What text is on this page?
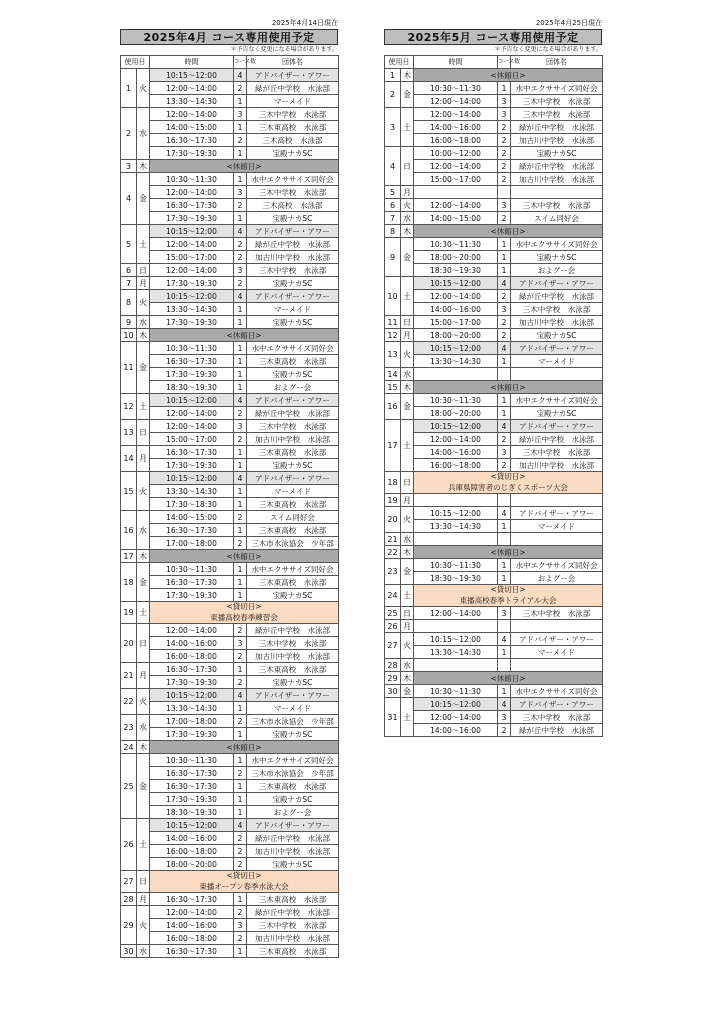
2025年4月14日現在
2025年4月 コース専用使用予定
＊予告なく変更になる場合があります。
使用日		時間	コース数	団体名
1	火	10:15～12:00	4	アドバイザー・アワー
		12:00～14:00	2	緑が丘中学校　水泳部
		13:30～14:30	1	マーメイド
2	水	12:00～14:00	3	三木中学校　水泳部
		14:00～15:00	1	三木東高校　水泳部
		16:30～17:30	2	三木高校　水泳部
		17:30～19:30	1	宝殿ナカSC
3	木	<休館日>		
4	金	10:30～11:30	1	水中エクササイズ同好会
		12:00～14:00	3	三木中学校　水泳部
		16:30～17:30	2	三木高校　水泳部
		17:30～19:30	1	宝殿ナカSC
5	土	10:15～12:00	4	アドバイザー・アワー
		12:00～14:00	2	緑が丘中学校　水泳部
		15:00～17:00	2	加古川中学校　水泳部
6	日	12:00～14:00	3	三木中学校　水泳部
7	月	17:30～19:30	2	宝殿ナカSC
8	火	10:15～12:00	4	アドバイザー・アワー
		13:30～14:30	1	マーメイド
9	水	17:30～19:30	1	宝殿ナカSC
10	木	<休館日>		
11	金	10:30～11:30	1	水中エクササイズ同好会
		16:30～17:30	1	三木東高校　水泳部
		17:30～19:30	1	宝殿ナカSC
		18:30～19:30	1	およグー会
12	土	10:15～12:00	4	アドバイザー・アワー
		12:00～14:00	2	緑が丘中学校　水泳部
13	日	12:00～14:00	3	三木中学校　水泳部
		15:00～17:00	2	加古川中学校　水泳部
14	月	16:30～17:30	1	三木東高校　水泳部
		17:30～19:30	1	宝殿ナカSC
15	火	10:15～12:00	4	アドバイザー・アワー
		13:30～14:30	1	マーメイド
		17:30～18:30	1	三木東高校　水泳部
16	水	14:00～15:00	2	スイム同好会
		16:30～17:30	1	三木東高校　水泳部
		17:00～18:00	2	三木市水泳協会　少年部
17	木	<休館日>		
18	金	10:30～11:30	1	水中エクササイズ同好会
		16:30～17:30	1	三木東高校　水泳部
		17:30～19:30	1	宝殿ナカSC
19	土	<貸切日>
東播高校春季練習会		

20	日	12:00～14:00	2	緑が丘中学校　水泳部
		14:00～16:00	3	三木中学校　水泳部
		16:00～18:00	2	加古川中学校　水泳部
21	月	16:30～17:30	1	三木東高校　水泳部
		17:30～19:30	2	宝殿ナカSC
22	火	10:15～12:00	4	アドバイザー・アワー
		13:30～14:30	1	マーメイド
23	水	17:00～18:00	2	三木市水泳協会　少年部
		17:30～19:30	1	宝殿ナカSC
24	木	<休館日>		
25	金	10:30～11:30	1	水中エクササイズ同好会
		16:30～17:30	2	三木市水泳協会　少年部
		16:30～17:30	1	三木東高校　水泳部
		17:30～19:30	1	宝殿ナカSC
		18:30～19:30	1	およグー会
26	土	10:15～12:00	4	アドバイザー・アワー
		14:00～16:00	2	緑が丘中学校　水泳部
		16:00～18:00	2	加古川中学校　水泳部
		18:00～20:00	2	宝殿ナカSC
27	日	<貸切日>
東播オープン春季水泳大会		

28	月	16:30～17:30	1	三木東高校　水泳部
29	火	12:00～14:00	2	緑が丘中学校　水泳部
		14:00～16:00	3	三木中学校　水泳部
		16:00～18:00	2	加古川中学校　水泳部
30	水	16:30～17:30	1	三木東高校　水泳部
2025年4月25日現在
2025年5月 コース専用使用予定
＊予告なく変更になる場合があります。
使用日		時間	コース数	団体名
1	木	<休館日>		
2	金	10:30～11:30	1	水中エクササイズ同好会
		12:00～14:00	3	三木中学校　水泳部
3	土	12:00～14:00	3	三木中学校　水泳部
		14:00～16:00	2	緑が丘中学校　水泳部
		16:00～18:00	2	加古川中学校　水泳部
4	日	10:00～12:00	2	宝殿ナカSC
		12:00～14:00	2	緑が丘中学校　水泳部
		15:00～17:00	2	加古川中学校　水泳部
5	月			
6	火	12:00～14:00	3	三木中学校　水泳部
7	水	14:00～15:00	2	スイム同好会
8	木	<休館日>		
9	金	10:30～11:30	1	水中エクササイズ同好会
		18:00～20:00	1	宝殿ナカSC
		18:30～19:30	1	およグー会
10	土	10:15～12:00	4	アドバイザー・アワー
		12:00～14:00	2	緑が丘中学校　水泳部
		14:00～16:00	3	三木中学校　水泳部
11	日	15:00～17:00	2	加古川中学校　水泳部
12	月	18:00～20:00	2	宝殿ナカSC
13	火	10:15～12:00	4	アドバイザー・アワー
		13:30～14:30	1	マーメイド
14	水			
15	木	<休館日>		
16	金	10:30～11:30	1	水中エクササイズ同好会
		18:00～20:00	1	宝殿ナカSC
17	土	10:15～12:00	4	アドバイザー・アワー
		12:00～14:00	2	緑が丘中学校　水泳部
		14:00～16:00	3	三木中学校　水泳部
		16:00～18:00	2	加古川中学校　水泳部
18	日	<貸切日>
兵庫県障害者のじぎくスポーツ大会		

19	月			
20	火	10:15～12:00	4	アドバイザー・アワー
		13:30～14:30	1	マーメイド
21	水			
22	木	<休館日>		
23	金	10:30～11:30	1	水中エクササイズ同好会
		18:30～19:30	1	およグー会
24	土	<貸切日>
東播高校春季トライアル大会		

25	日	12:00～14:00	3	三木中学校　水泳部
26	月			
27	火	10:15～12:00	4	アドバイザー・アワー
		13:30～14:30	1	マーメイド
28	水			
29	木	<休館日>		
30	金	10:30～11:30	1	水中エクササイズ同好会
31	土	10:15～12:00	4	アドバイザー・アワー
		12:00～14:00	3	三木中学校　水泳部
		14:00～16:00	2	緑が丘中学校　水泳部
